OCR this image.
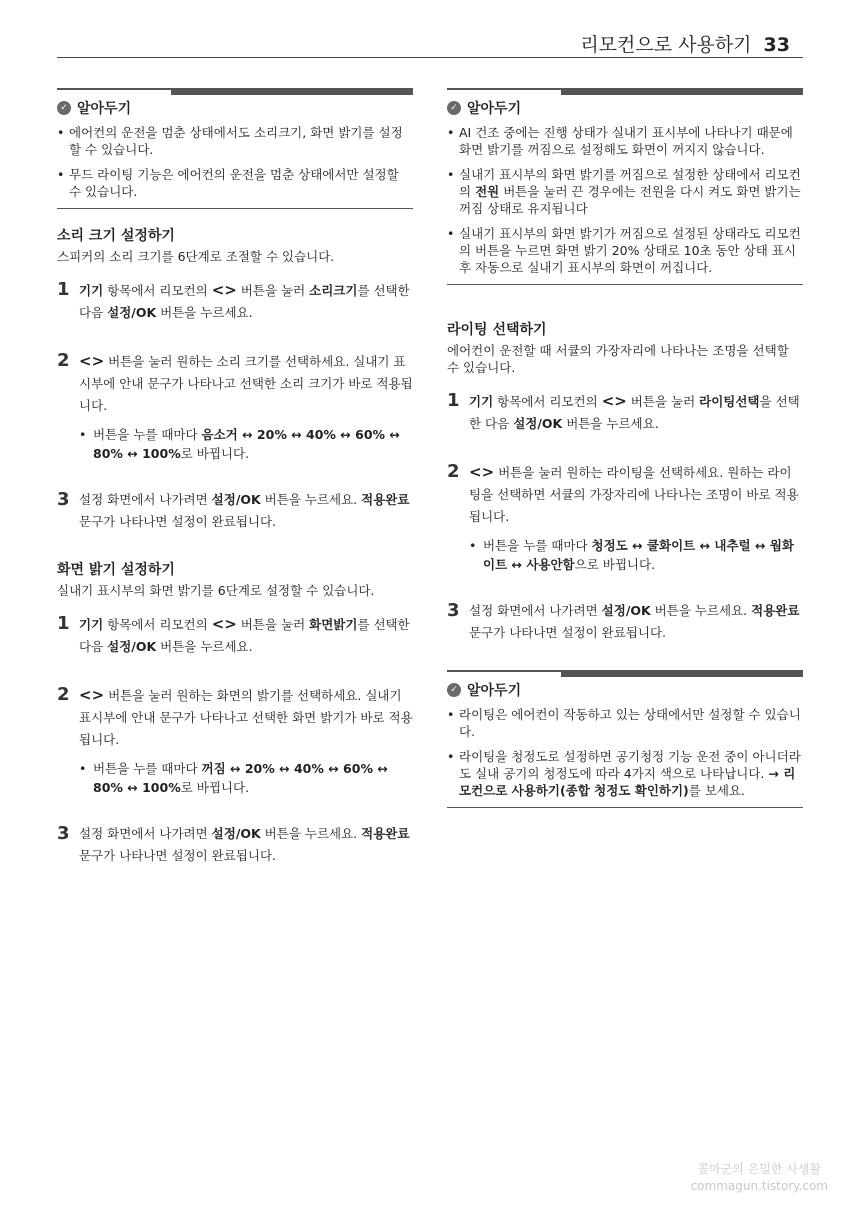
리모컨으로 사용하기 33
✓ 알아두기
• 에어컨의 운전을 멈춘 상태에서도 소리크기, 화면 밝기를 설정할 수 있습니다.
• 무드 라이팅 기능은 에어컨의 운전을 멈춘 상태에서만 설정할 수 있습니다.
소리 크기 설정하기

스피커의 소리 크기를 6단계로 조절할 수 있습니다.

1 기기 항목에서 리모컨의 <> 버튼을 눌러 소리크기를 선택한 다음 설정/OK 버튼을 누르세요.
2 <> 버튼을 눌러 원하는 소리 크기를 선택하세요. 실내기 표시부에 안내 문구가 나타나고 선택한 소리 크기가 바로 적용됩니다.
• 버튼을 누를 때마다 음소거 ↔ 20% ↔ 40% ↔ 60% ↔ 80% ↔ 100%로 바뀝니다.
3 설정 화면에서 나가려면 설정/OK 버튼을 누르세요. 적용완료 문구가 나타나면 설정이 완료됩니다.
화면 밝기 설정하기

실내기 표시부의 화면 밝기를 6단계로 설정할 수 있습니다.

1 기기 항목에서 리모컨의 <> 버튼을 눌러 화면밝기를 선택한 다음 설정/OK 버튼을 누르세요.
2 <> 버튼을 눌러 원하는 화면의 밝기를 선택하세요. 실내기 표시부에 안내 문구가 나타나고 선택한 화면 밝기가 바로 적용됩니다.
• 버튼을 누를 때마다 꺼짐 ↔ 20% ↔ 40% ↔ 60% ↔ 80% ↔ 100%로 바뀝니다.
3 설정 화면에서 나가려면 설정/OK 버튼을 누르세요. 적용완료 문구가 나타나면 설정이 완료됩니다.
✓ 알아두기
• AI 건조 중에는 진행 상태가 실내기 표시부에 나타나기 때문에 화면 밝기를 꺼짐으로 설정해도 화면이 꺼지지 않습니다.
• 실내기 표시부의 화면 밝기를 꺼짐으로 설정한 상태에서 리모컨의 전원 버튼을 눌러 끈 경우에는 전원을 다시 켜도 화면 밝기는 꺼짐 상태로 유지됩니다
• 실내기 표시부의 화면 밝기가 꺼짐으로 설정된 상태라도 리모컨의 버튼을 누르면 화면 밝기 20% 상태로 10초 동안 상태 표시 후 자동으로 실내기 표시부의 화면이 꺼집니다.
라이팅 선택하기

에어컨이 운전할 때 서큘의 가장자리에 나타나는 조명을 선택할 수 있습니다.

1 기기 항목에서 리모컨의 <> 버튼을 눌러 라이팅선택을 선택한 다음 설정/OK 버튼을 누르세요.
2 <> 버튼을 눌러 원하는 라이팅을 선택하세요. 원하는 라이팅을 선택하면 서큘의 가장자리에 나타나는 조명이 바로 적용됩니다.
• 버튼을 누를 때마다 청정도 ↔ 쿨화이트 ↔ 내추럴 ↔ 웜화이트 ↔ 사용안함으로 바뀝니다.
3 설정 화면에서 나가려면 설정/OK 버튼을 누르세요. 적용완료 문구가 나타나면 설정이 완료됩니다.
✓ 알아두기
• 라이팅은 에어컨이 작동하고 있는 상태에서만 설정할 수 있습니다.
• 라이팅을 청정도로 설정하면 공기청정 기능 운전 중이 아니더라도 실내 공기의 청정도에 따라 4가지 색으로 나타납니다. → 리모컨으로 사용하기(종합 청정도 확인하기)를 보세요.
콤마군의 은밀한 사생활
commagun.tistory.com
